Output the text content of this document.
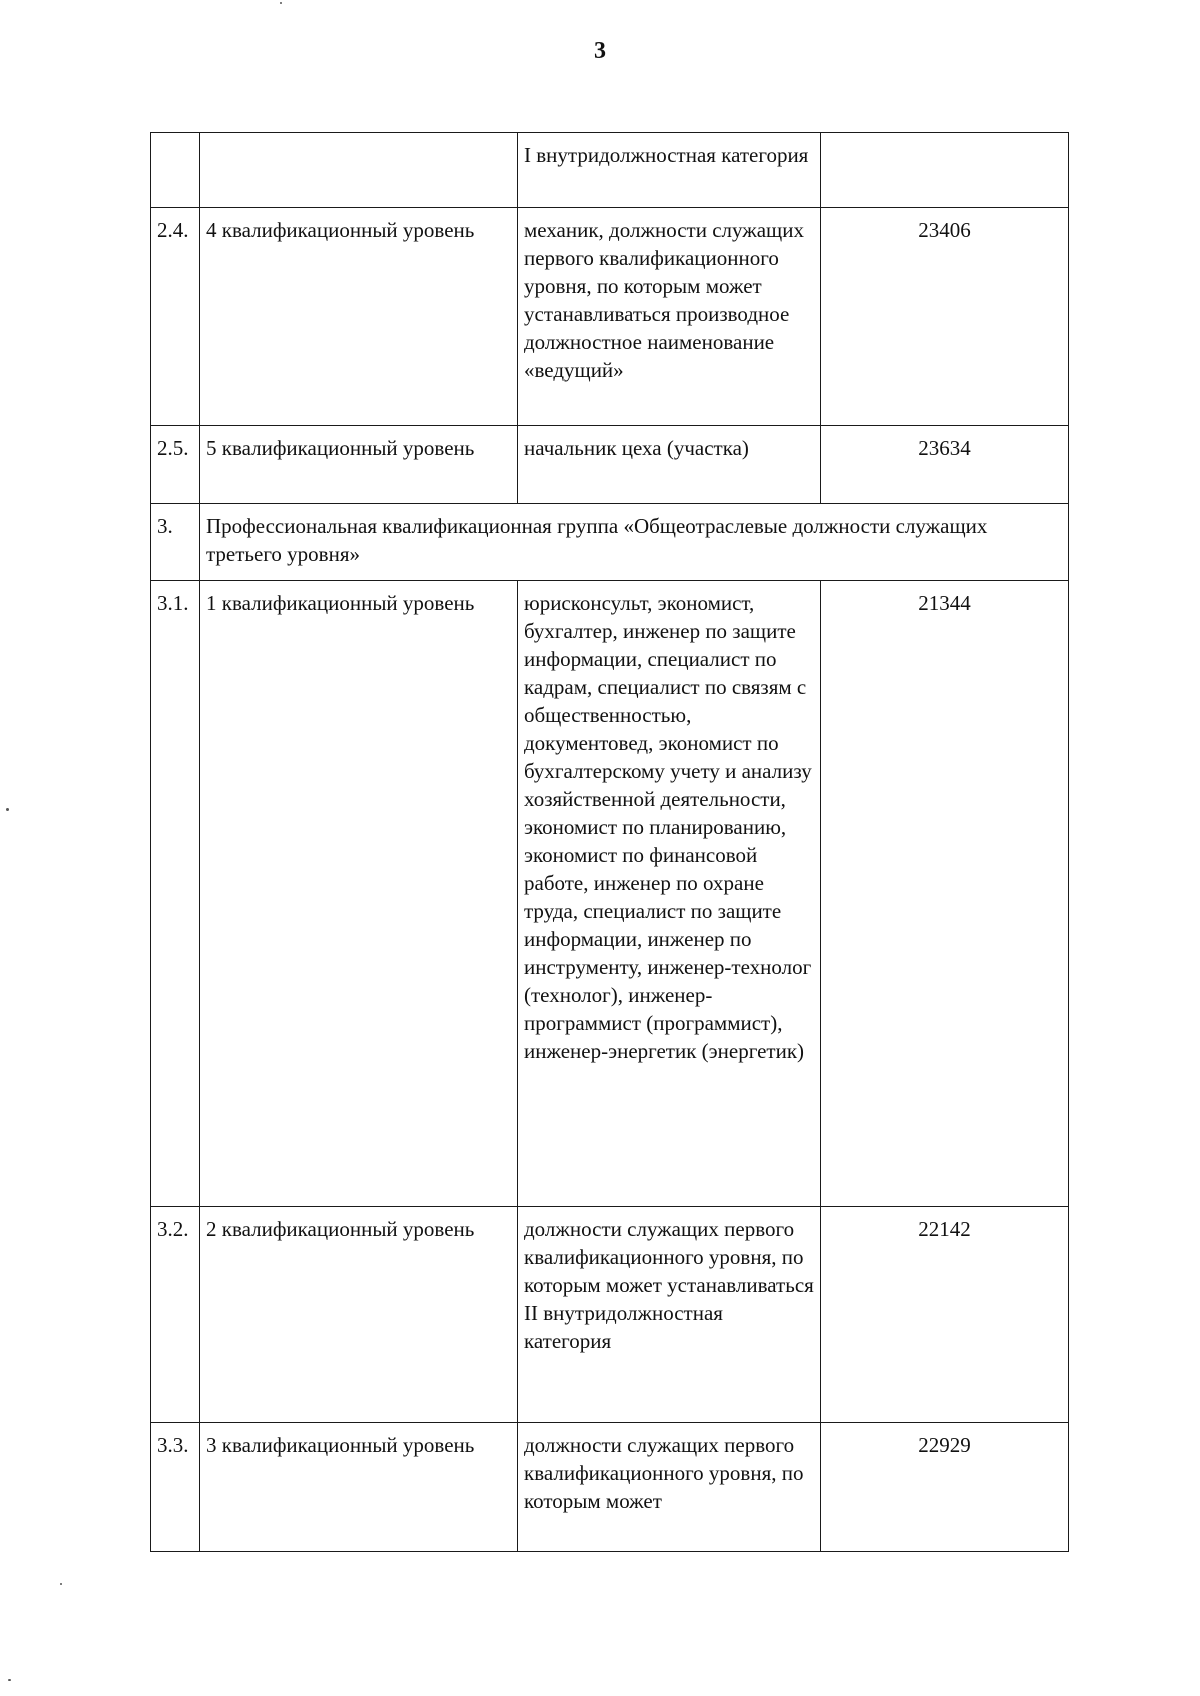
3
		I внутридолжностная категория	
2.4.	4 квалификационный уровень	механик, должности служащих первого квалификационного уровня, по которым может устанавливаться производное должностное наименование «ведущий»	23406
2.5.	5 квалификационный уровень	начальник цеха (участка)	23634
3.	Профессиональная квалификационная группа «Общеотраслевые должности служащих третьего уровня»		
3.1.	1 квалификационный уровень	юрисконсульт, экономист, бухгалтер, инженер по защите информации, специалист по кадрам, специалист по связям с общественностью, документовед, экономист по бухгалтерскому учету и анализу хозяйственной деятельности, экономист по планированию, экономист по финансовой работе, инженер по охране труда, специалист по защите информации, инженер по инструменту, инженер-технолог (технолог), инженер-программист (программист), инженер-энергетик (энергетик)	21344
3.2.	2 квалификационный уровень	должности служащих первого квалификационного уровня, по которым может устанавливаться II внутридолжностная категория	22142
3.3.	3 квалификационный уровень	должности служащих первого квалификационного уровня, по которым может	22929
